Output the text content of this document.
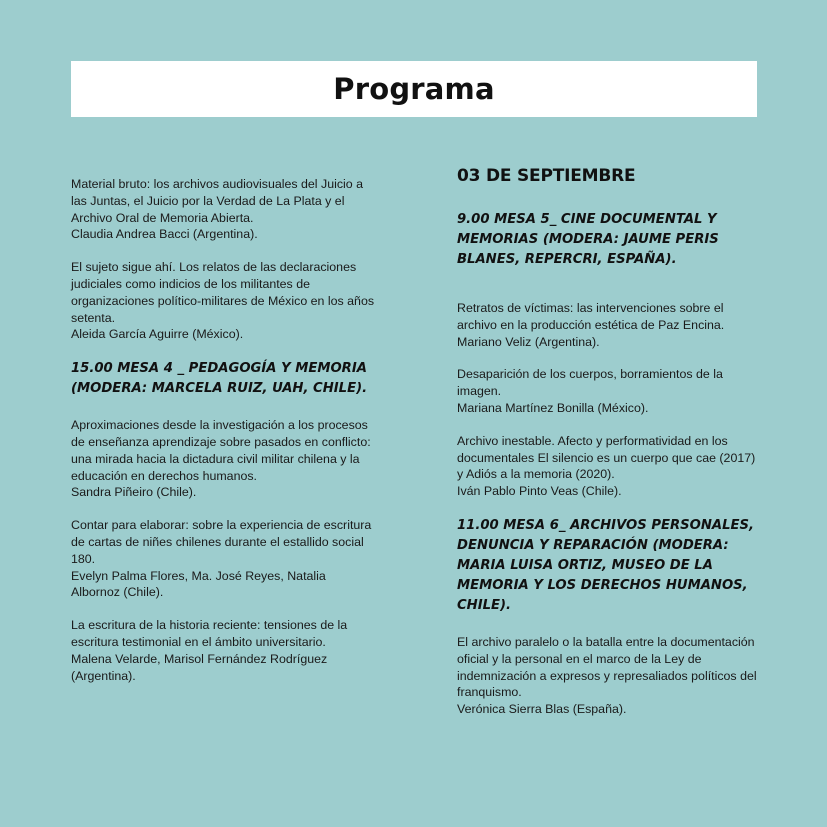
Programa

Material bruto: los archivos audiovisuales del Juicio a las Juntas, el Juicio por la Verdad de La Plata y el Archivo Oral de Memoria Abierta.

Claudia Andrea Bacci (Argentina).

El sujeto sigue ahí. Los relatos de las declaraciones judiciales como indicios de los militantes de organizaciones político-militares de México en los años setenta.

Aleida García Aguirre (México).

15.00 MESA 4 _ PEDAGOGÍA Y MEMORIA (MODERA: MARCELA RUIZ, UAH, CHILE).

Aproximaciones desde la investigación a los procesos de enseñanza aprendizaje sobre pasados en conflicto: una mirada hacia la dictadura civil militar chilena y la educación en derechos humanos.

Sandra Piñeiro (Chile).

Contar para elaborar: sobre la experiencia de escritura de cartas de niñes chilenes durante el estallido social 180.

Evelyn Palma Flores, Ma. José Reyes, Natalia Albornoz (Chile).

La escritura de la historia reciente: tensiones de la escritura testimonial en el ámbito universitario.

Malena Velarde, Marisol Fernández Rodríguez (Argentina).

03 DE SEPTIEMBRE
9.00 MESA 5_ CINE DOCUMENTAL Y MEMORIAS (MODERA: JAUME PERIS BLANES, REPERCRI, ESPAÑA).

Retratos de víctimas: las intervenciones sobre el archivo en la producción estética de Paz Encina.

Mariano Veliz (Argentina).

Desaparición de los cuerpos, borramientos de la imagen.

Mariana Martínez Bonilla (México).

Archivo inestable. Afecto y performatividad en los documentales El silencio es un cuerpo que cae (2017) y Adiós a la memoria (2020).

Iván Pablo Pinto Veas (Chile).

11.00 MESA 6_ ARCHIVOS PERSONALES, DENUNCIA Y REPARACIÓN (MODERA: MARIA LUISA ORTIZ, MUSEO DE LA MEMORIA Y LOS DERECHOS HUMANOS, CHILE).

El archivo paralelo o la batalla entre la documentación oficial y la personal en el marco de la Ley de indemnización a expresos y represaliados políticos del franquismo.

Verónica Sierra Blas (España).
